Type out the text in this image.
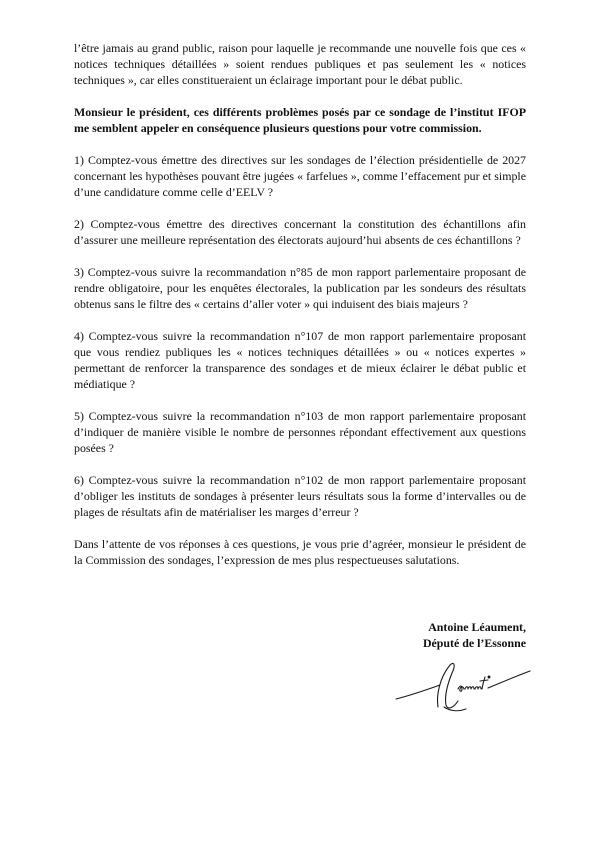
l’être jamais au grand public, raison pour laquelle je recommande une nouvelle fois que ces « notices techniques détaillées » soient rendues publiques et pas seulement les « notices techniques », car elles constitueraient un éclairage important pour le débat public.

Monsieur le président, ces différents problèmes posés par ce sondage de l’institut IFOP me semblent appeler en conséquence plusieurs questions pour votre commission.

1) Comptez-vous émettre des directives sur les sondages de l’élection présidentielle de 2027 concernant les hypothèses pouvant être jugées « farfelues », comme l’effacement pur et simple d’une candidature comme celle d’EELV ?

2) Comptez-vous émettre des directives concernant la constitution des échantillons afin d’assurer une meilleure représentation des électorats aujourd’hui absents de ces échantillons ?

3) Comptez-vous suivre la recommandation n°85 de mon rapport parlementaire proposant de rendre obligatoire, pour les enquêtes électorales, la publication par les sondeurs des résultats obtenus sans le filtre des « certains d’aller voter » qui induisent des biais majeurs ?

4) Comptez-vous suivre la recommandation n°107 de mon rapport parlementaire proposant que vous rendiez publiques les « notices techniques détaillées » ou « notices expertes » permettant de renforcer la transparence des sondages et de mieux éclairer le débat public et médiatique ?

5) Comptez-vous suivre la recommandation n°103 de mon rapport parlementaire proposant d’indiquer de manière visible le nombre de personnes répondant effectivement aux questions posées ?

6) Comptez-vous suivre la recommandation n°102 de mon rapport parlementaire proposant d’obliger les instituts de sondages à présenter leurs résultats sous la forme d’intervalles ou de plages de résultats afin de matérialiser les marges d’erreur ?

Dans l’attente de vos réponses à ces questions, je vous prie d’agréer, monsieur le président de la Commission des sondages, l’expression de mes plus respectueuses salutations.

Antoine Léaument,
Député de l’Essonne
